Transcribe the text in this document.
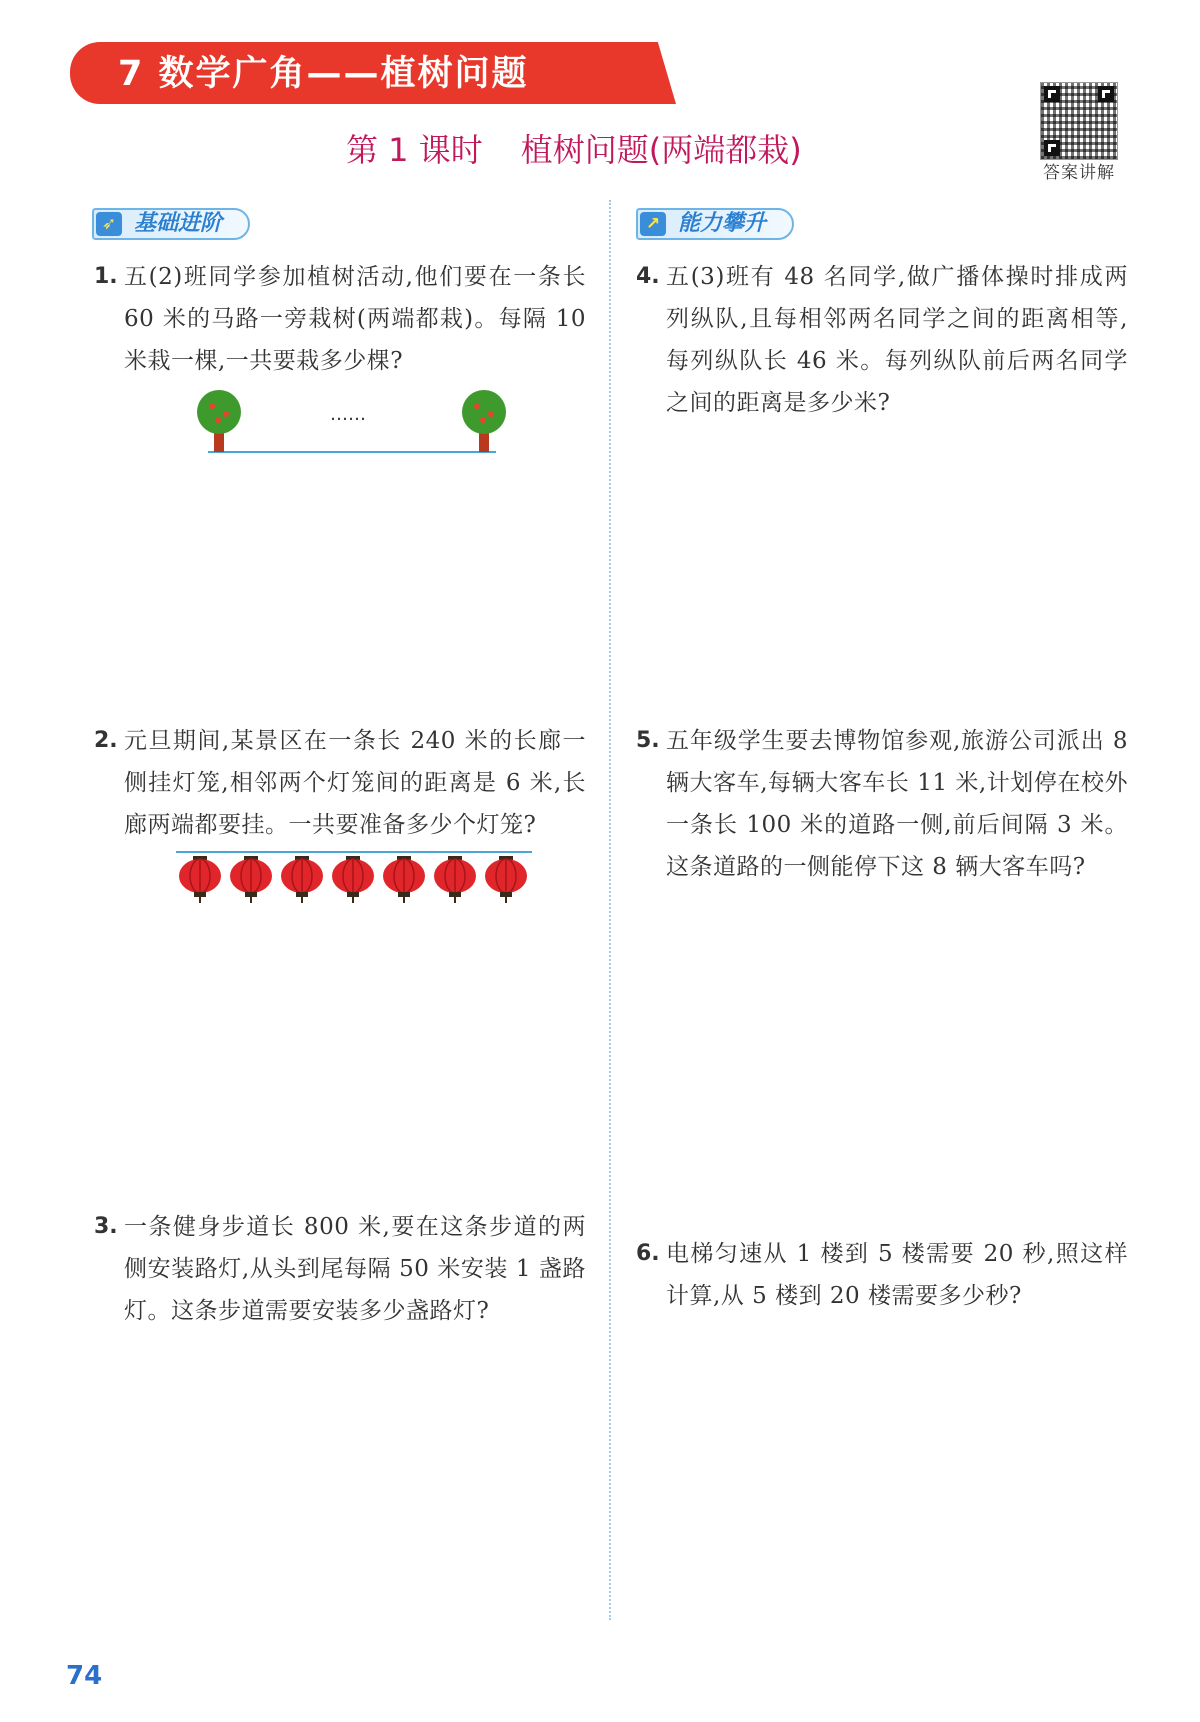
7 数学广角——植树问题
第 1 课时 植树问题(两端都栽)
答案讲解
➶ 基础进阶	↗ 能力攀升
1. 五(2)班同学参加植树活动,他们要在一条长 60 米的马路一旁栽树(两端都栽)。每隔 10 米栽一棵,一共要栽多少棵?
……
2. 元旦期间,某景区在一条长 240 米的长廊一侧挂灯笼,相邻两个灯笼间的距离是 6 米,长廊两端都要挂。一共要准备多少个灯笼?
3. 一条健身步道长 800 米,要在这条步道的两侧安装路灯,从头到尾每隔 50 米安装 1 盏路灯。这条步道需要安装多少盏路灯?
4. 五(3)班有 48 名同学,做广播体操时排成两列纵队,且每相邻两名同学之间的距离相等,每列纵队长 46 米。每列纵队前后两名同学之间的距离是多少米?
5. 五年级学生要去博物馆参观,旅游公司派出 8 辆大客车,每辆大客车长 11 米,计划停在校外一条长 100 米的道路一侧,前后间隔 3 米。这条道路的一侧能停下这 8 辆大客车吗?
6. 电梯匀速从 1 楼到 5 楼需要 20 秒,照这样计算,从 5 楼到 20 楼需要多少秒?
74
